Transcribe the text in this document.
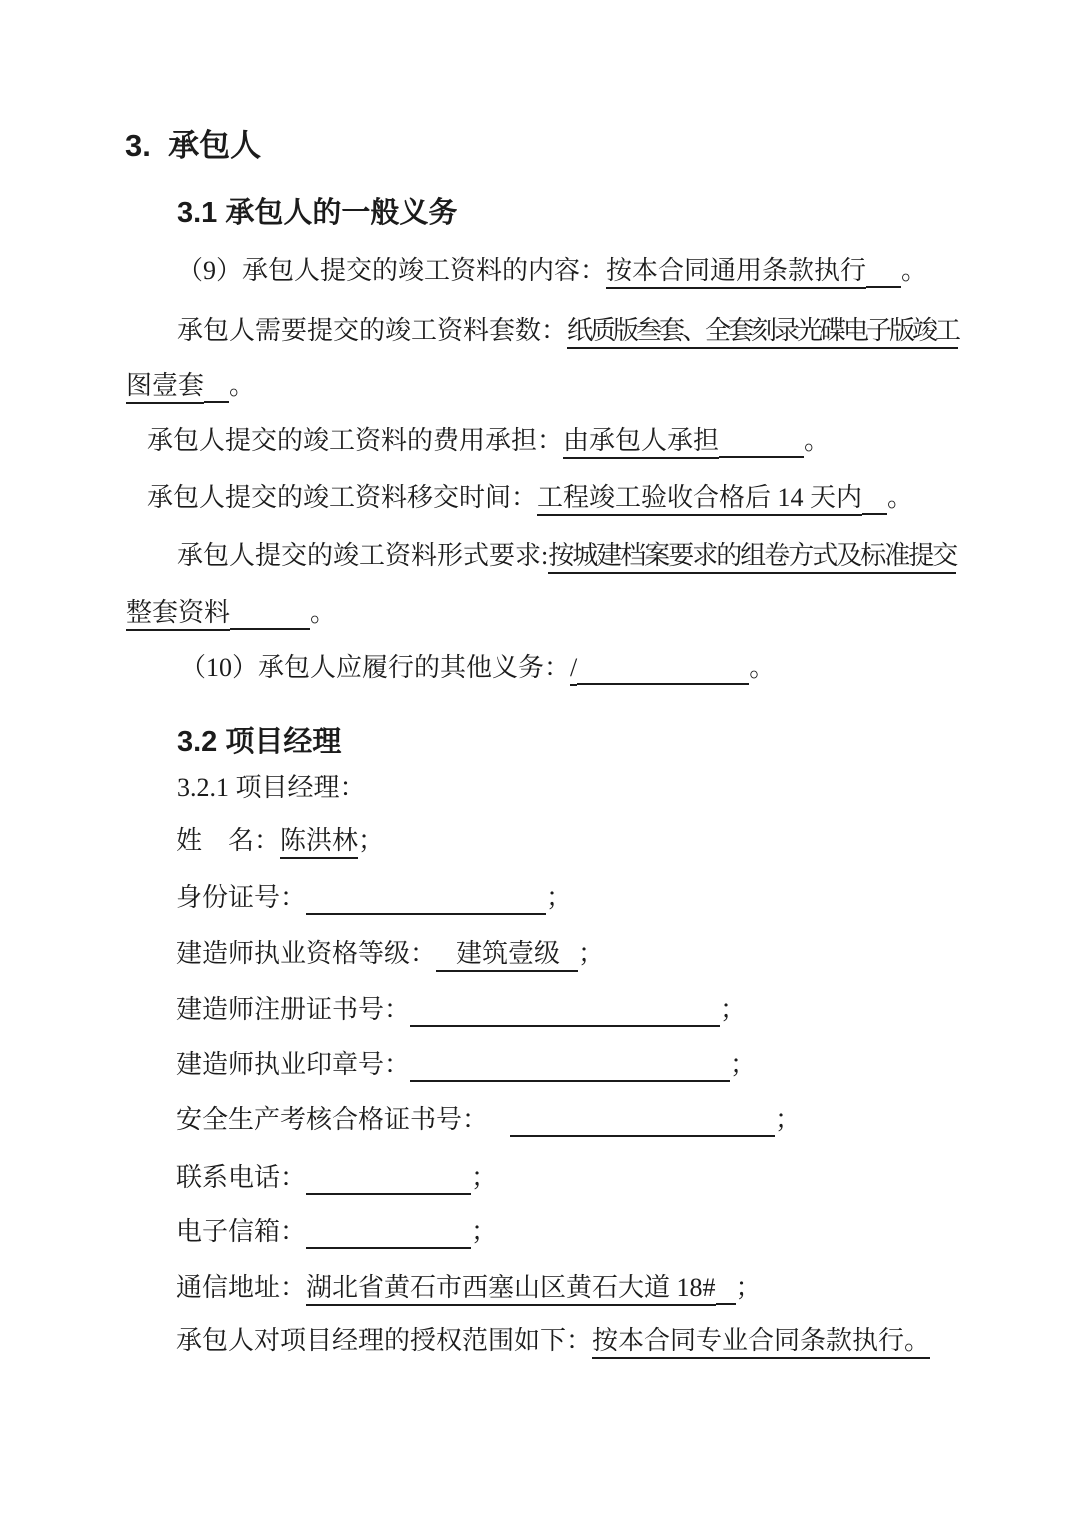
3.  承包人
3.1 承包人的一般义务
（9）承包人提交的竣工资料的内容：按本合同通用条款执行 。
承包人需要提交的竣工资料套数：纸质版叁套、全套刻录光碟电子版竣工
图壹套 。
承包人提交的竣工资料的费用承担：由承包人承担	。
承包人提交的竣工资料移交时间：工程竣工验收合格后 14 天内 。
承包人提交的竣工资料形式要求:按城建档案要求的组卷方式及标准提交
整套资料	。
（10）承包人应履行的其他义务：/	。
3.2 项目经理
3.2.1 项目经理：
姓　名：陈洪林；
身份证号：	；
建造师执业资格等级： 建筑壹级 ；
建造师注册证书号：	；
建造师执业印章号：	；
安全生产考核合格证书号：	；
联系电话：	；
电子信箱：	；
通信地址：湖北省黄石市西塞山区黄石大道 18# ；
承包人对项目经理的授权范围如下：按本合同专业合同条款执行。
